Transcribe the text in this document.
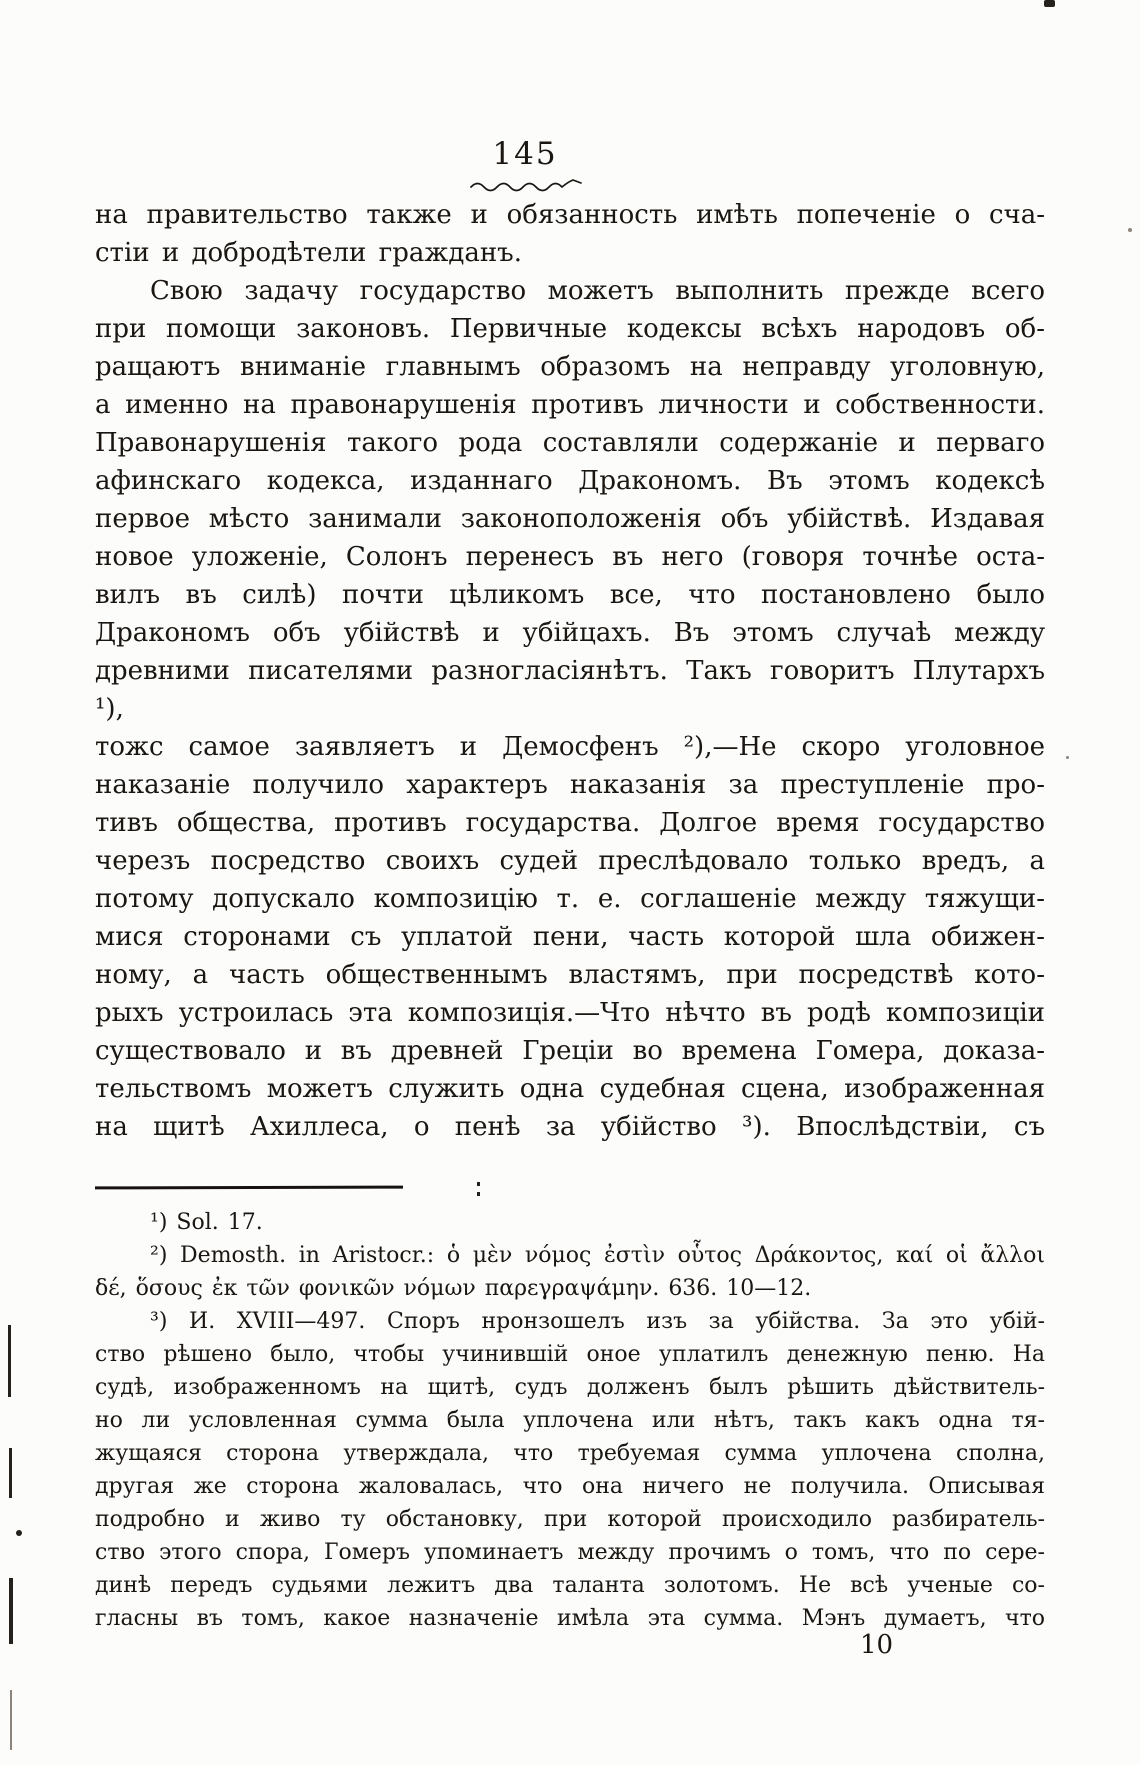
145
на правительство также и обязанность имѣть попеченіе о сча-
стіи и добродѣтели гражданъ.
Свою задачу государство можетъ выполнить прежде всего
при помощи законовъ. Первичные кодексы всѣхъ народовъ об-
ращаютъ вниманіе главнымъ образомъ на неправду уголовную,
а именно на правонарушенія противъ личности и собственности.
Правонарушенія такого рода составляли содержаніе и перваго
афинскаго кодекса, изданнаго Дракономъ. Въ этомъ кодексѣ
первое мѣсто занимали законоположенія объ убійствѣ. Издавая
новое уложеніе, Солонъ перенесъ въ него (говоря точнѣе оста-
вилъ въ силѣ) почти цѣликомъ все, что постановлено было
Дракономъ объ убійствѣ и убійцахъ. Въ этомъ случаѣ между
древними писателями разногласіянѣтъ. Такъ говоритъ Плутархъ ¹),
тожс самое заявляетъ и Демосфенъ ²),—Не скоро уголовное
наказаніе получило характеръ наказанія за преступленіе про-
тивъ общества, противъ государства. Долгое время государство
черезъ посредство своихъ судей преслѣдовало только вредъ, а
потому допускало композицію т. е. соглашеніе между тяжущи-
мися сторонами съ уплатой пени, часть которой шла обижен-
ному, а часть общественнымъ властямъ, при посредствѣ кото-
рыхъ устроилась эта композиція.—Что нѣчто въ родѣ композиціи
существовало и въ древней Греціи во времена Гомера, доказа-
тельствомъ можетъ служить одна судебная сцена, изображенная
на щитѣ Ахиллеса, о пенѣ за убійство ³). Впослѣдствіи, съ
¹) Sol. 17.
²) Demosth. in Aristocr.: ὁ μὲν νόμος ἐστὶν οὗτος Δράκοντος, καί οἱ ἄλλοι
δέ, ὅσους ἐκ τῶν φονικῶν νόμων παρεγραψάμην. 636. 10—12.
³) И. XVIII—497. Споръ нронзошелъ изъ за убійства. За это убій-
ство рѣшено было, чтобы учинившій оное уплатилъ денежную пеню. На
судѣ, изображенномъ на щитѣ, судъ долженъ былъ рѣшить дѣйствитель-
но ли условленная сумма была уплочена или нѣтъ, такъ какъ одна тя-
жущаяся сторона утверждала, что требуемая сумма уплочена сполна,
другая же сторона жаловалась, что она ничего не получила. Описывая
подробно и живо ту обстановку, при которой происходило разбиратель-
ство этого спора, Гомеръ упоминаетъ между прочимъ о томъ, что по сере-
динѣ передъ судьями лежитъ два таланта золотомъ. Не всѣ ученые со-
гласны въ томъ, какое назначеніе имѣла эта сумма. Мэнъ думаетъ, что
10
